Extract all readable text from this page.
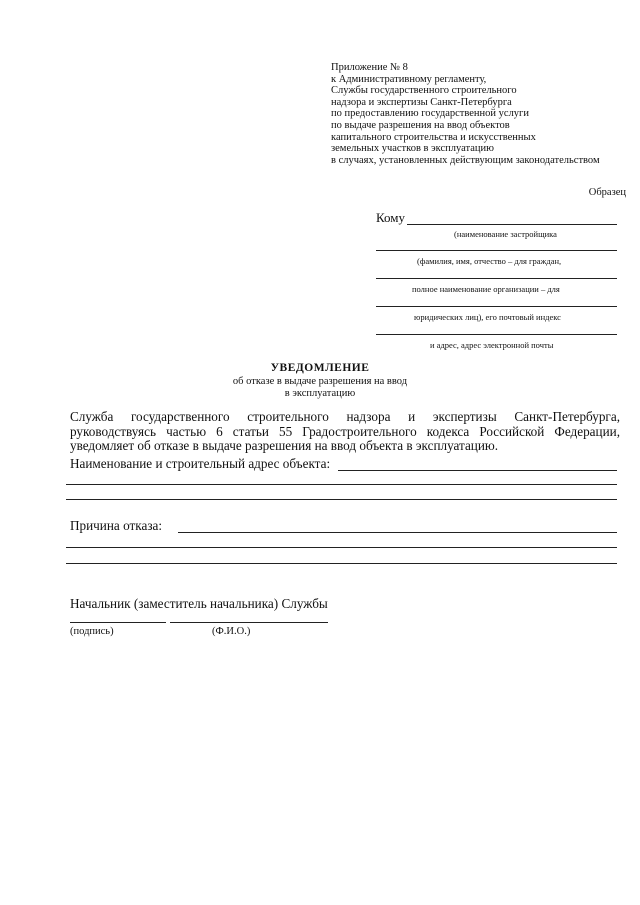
Приложение № 8
к Административному регламенту,
Службы государственного строительного
надзора и экспертизы Санкт-Петербурга
по предоставлению государственной услуги
по выдаче разрешения на ввод объектов
капитального строительства и искусственных
земельных участков в эксплуатацию
в случаях, установленных действующим законодательством
Образец
Кому
(наименование застройщика
(фамилия, имя, отчество – для граждан,
полное наименование организации – для
юридических лиц), его почтовый индекс
и адрес, адрес электронной почты
УВЕДОМЛЕНИЕ
об отказе в выдаче разрешения на ввод
в эксплуатацию
Служба государственного строительного надзора и экспертизы Санкт-Петербурга, руководствуясь частью 6 статьи 55 Градостроительного кодекса Российской Федерации, уведомляет об отказе в выдаче разрешения на ввод объекта в эксплуатацию.
Наименование и строительный адрес объекта:
Причина отказа:
Начальник (заместитель начальника) Службы
(подпись)	(Ф.И.О.)
